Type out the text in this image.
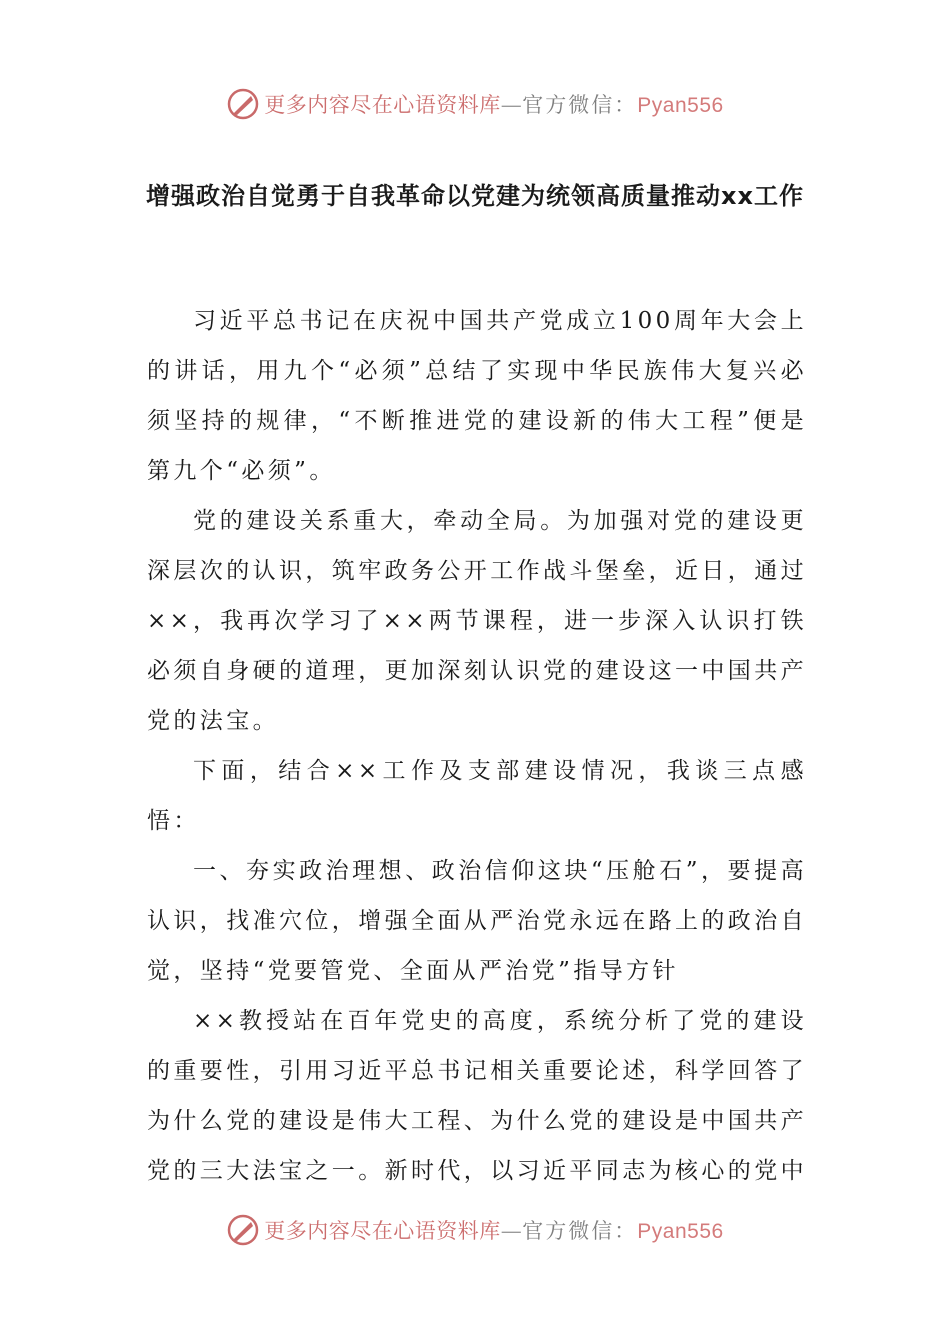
更多内容尽在心语资料库—官方微信：Pyan556
增强政治自觉勇于自我革命以党建为统领高质量推动xx工作

习近平总书记在庆祝中国共产党成立100周年大会上的讲话，用九个“必须”总结了实现中华民族伟大复兴必须坚持的规律，“不断推进党的建设新的伟大工程”便是第九个“必须”。

党的建设关系重大，牵动全局。为加强对党的建设更深层次的认识，筑牢政务公开工作战斗堡垒，近日，通过××，我再次学习了××两节课程，进一步深入认识打铁必须自身硬的道理，更加深刻认识党的建设这一中国共产党的法宝。

下面，结合××工作及支部建设情况，我谈三点感悟：

一、夯实政治理想、政治信仰这块“压舱石”，要提高认识，找准穴位，增强全面从严治党永远在路上的政治自觉，坚持“党要管党、全面从严治党”指导方针

××教授站在百年党史的高度，系统分析了党的建设的重要性，引用习近平总书记相关重要论述，科学回答了为什么党的建设是伟大工程、为什么党的建设是中国共产党的三大法宝之一。新时代，以习近平同志为核心的党中

更多内容尽在心语资料库—官方微信：Pyan556
